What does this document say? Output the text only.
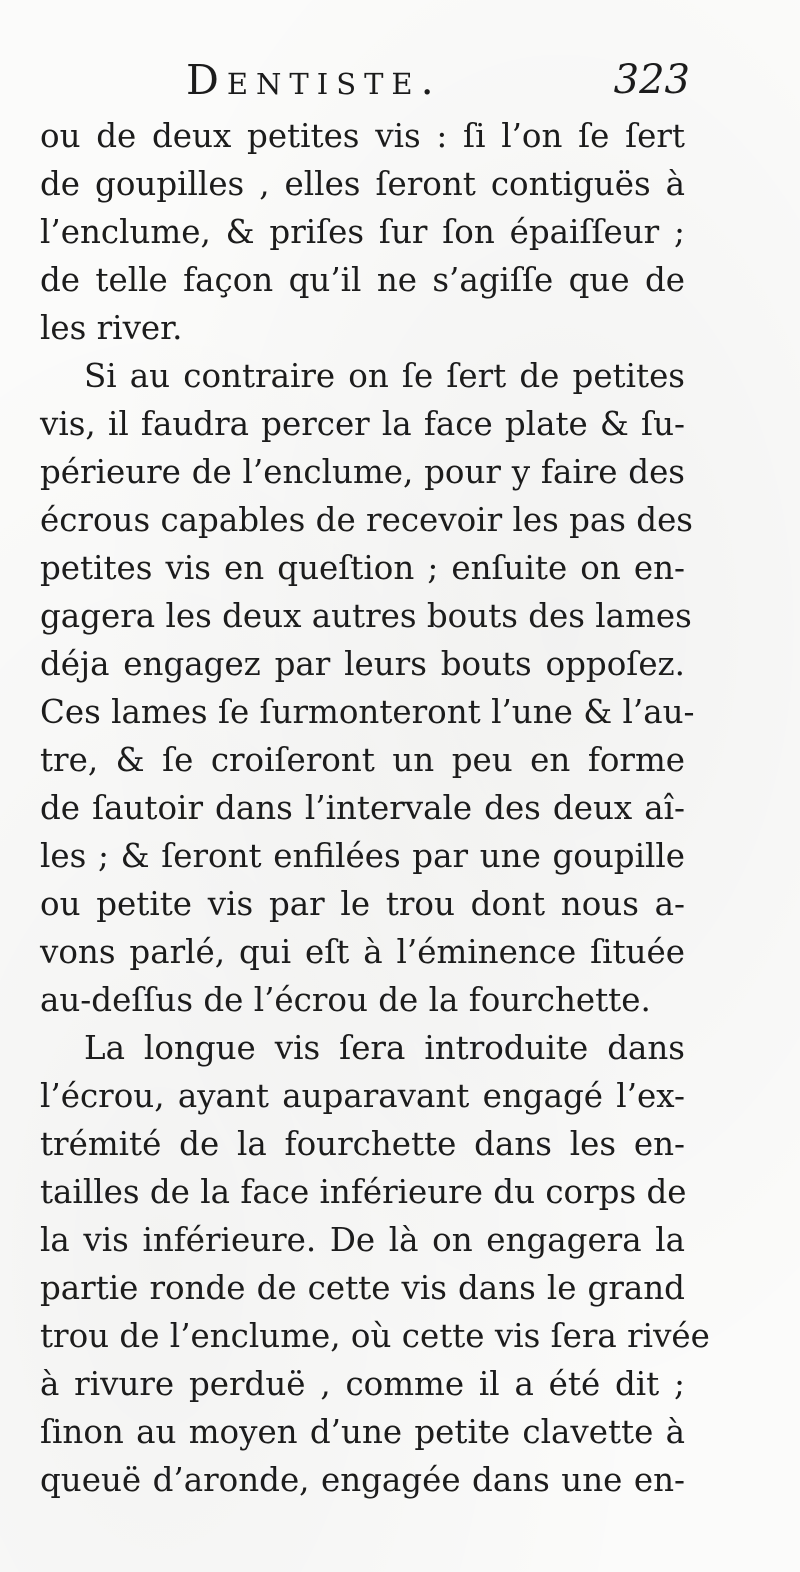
Dentiste.	323
ou de deux petites vis : ſi l’on ſe ſert
de goupilles , elles ſeront contiguës à
l’enclume, & priſes ſur ſon épaiſſeur ;
de telle façon qu’il ne s’agiſſe que de
les river.
Si au contraire on ſe ſert de petites
vis, il faudra percer la face plate & ſu-
périeure de l’enclume, pour y faire des
écrous capables de recevoir les pas des
petites vis en queſtion ; enſuite on en-
gagera les deux autres bouts des lames
déja engagez par leurs bouts oppoſez.
Ces lames ſe ſurmonteront l’une & l’au-
tre, & ſe croiſeront un peu en forme
de ſautoir dans l’intervale des deux aî-
les ; & ſeront enfilées par une goupille
ou petite vis par le trou dont nous a-
vons parlé, qui eſt à l’éminence ſituée
au-deſſus de l’écrou de la fourchette.
La longue vis ſera introduite dans
l’écrou, ayant auparavant engagé l’ex-
trémité de la fourchette dans les en-
tailles de la face inférieure du corps de
la vis inférieure. De là on engagera la
partie ronde de cette vis dans le grand
trou de l’enclume, où cette vis ſera rivée
à rivure perduë , comme il a été dit ;
ſinon au moyen d’une petite clavette à
queuë d’aronde, engagée dans une en-
